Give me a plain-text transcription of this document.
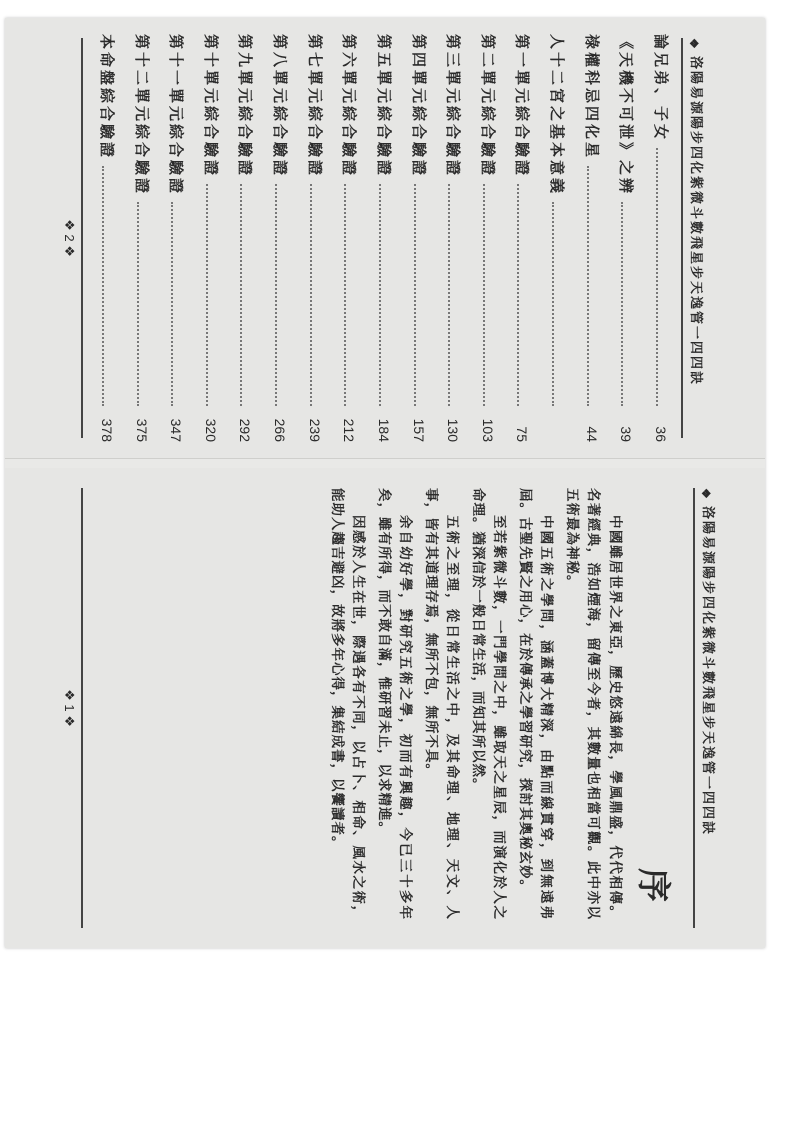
❖
洛陽易源陽步四化紫微斗數飛星步天逸管一四四訣
論兄弟、子女
36
《天機不可泄》之辨
39
祿權科忌四化星
44
人十二宮之基本意義
第一單元綜合驗證
75
第二單元綜合驗證
103
第三單元綜合驗證
130
第四單元綜合驗證
157
第五單元綜合驗證
184
第六單元綜合驗證
212
第七單元綜合驗證
239
第八單元綜合驗證
266
第九單元綜合驗證
292
第十單元綜合驗證
320
第十一單元綜合驗證
347
第十二單元綜合驗證
375
本命盤綜合驗證
378
❖ 2 ❖
❖
洛陽易源陽步四化紫微斗數飛星步天逸管一四四訣
序

中國雖居世界之東亞，歷史悠遠綿長，學風鼎盛，代代相傳。名著經典，浩如煙海，留傳至今者，其數量也相當可觀。此中亦以五術最為神秘。

中國五術之學問，涵蓋博大精深，由點而線貫穿，到無遠弗屆。古聖先賢之用心，在於傳承之學習研究，探討其奧秘玄妙。

至若紫微斗數，一門學問之中，雖取天之星辰，而演化於人之命理。猶深信於一般日常生活，而知其所以然。

五術之至理，從日常生活之中，及其命理、地理、天文、人事，皆有其道理存焉，無所不包，無所不具。

余自幼好學，對研究五術之學，初而有興趣，今已三十多年矣，雖有所得，而不敢自滿，惟研習未止，以求精進。

因感於人生在世，際遇各有不同，以占卜、相命、風水之術，能助人趨吉避凶，故將多年心得，集結成書，以饗讀者。

❖ 1 ❖
